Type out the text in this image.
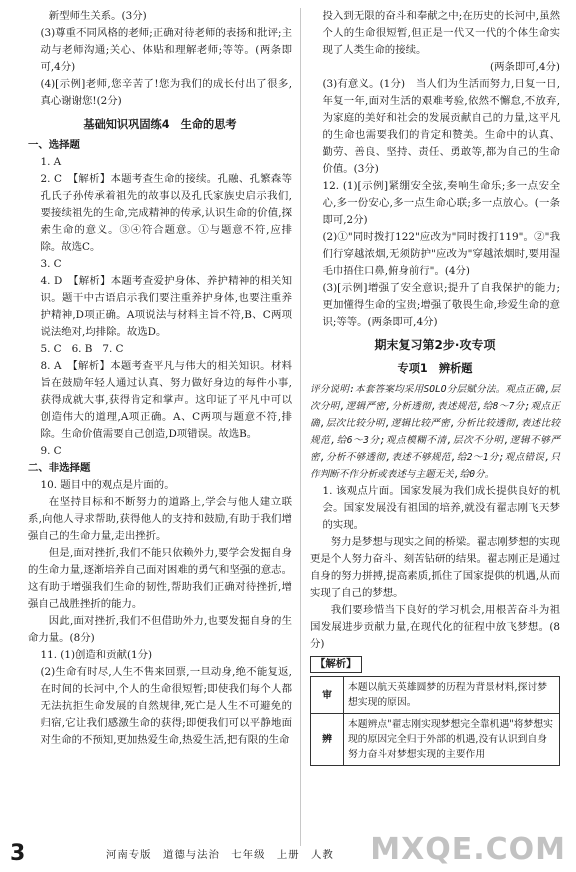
新型师生关系。(3分)

(3)尊重不同风格的老师;正确对待老师的表扬和批评;主动与老师沟通;关心、体贴和理解老师;等等。(两条即可,4分)

(4)[示例]老师,您辛苦了!您为我们的成长付出了很多,真心谢谢您!(2分)

基础知识巩固练4　生命的思考

一、选择题

1. A

2. C　【解析】本题考查生命的接续。孔融、孔繁森等孔氏子孙传承着祖先的故事以及孔氏家族史启示我们,要接续祖先的生命,完成精神的传承,认识生命的价值,探索生命的意义。③④符合题意。①与题意不符,应排除。故选C。

3. C

4. D　【解析】本题考查爱护身体、养护精神的相关知识。题干中古语启示我们要注重养护身体,也要注重养护精神,D项正确。A项说法与材料主旨不符,B、C两项说法绝对,均排除。故选D。

5. C 6. B 7. C

8. A　【解析】本题考查平凡与伟大的相关知识。材料旨在鼓励年轻人通过认真、努力做好身边的每件小事,获得成就大事,获得肯定和掌声。这印证了平凡中可以创造伟大的道理,A项正确。A、C两项与题意不符,排除。生命价值需要自己创造,D项错误。故选B。

9. C

二、非选择题

10. 题目中的观点是片面的。

在坚持目标和不断努力的道路上,学会与他人建立联系,向他人寻求帮助,获得他人的支持和鼓励,有助于我们增强自己的生命力量,走出挫折。

但是,面对挫折,我们不能只依赖外力,要学会发掘自身的生命力量,逐渐培养自己面对困难的勇气和坚强的意志。这有助于增强我们生命的韧性,帮助我们正确对待挫折,增强自己战胜挫折的能力。

因此,面对挫折,我们不但借助外力,也要发掘自身的生命力量。(8分)

11. (1)创造和贡献(1分)

(2)生命有时尽,人生不售来回票,一旦动身,绝不能复返,在时间的长河中,个人的生命很短暂;即使我们每个人都无法抗拒生命发展的自然规律,死亡是人生不可避免的归宿,它让我们感激生命的获得;即便我们可以平静地面对生命的不预知,更加热爱生命,热爱生活,把有限的生命

投入到无限的奋斗和奉献之中;在历史的长河中,虽然个人的生命很短暂,但正是一代又一代的个体生命实现了人类生命的接续。

(两条即可,4分)

(3)有意义。(1分)　当人们为生活而努力,日复一日,年复一年,面对生活的艰难考验,依然不懈怠,不放弃,为家庭的美好和社会的发展贡献自己的力量,这平凡的生命也需要我们的肯定和赞美。生命中的认真、勤劳、善良、坚持、责任、勇敢等,都为自己的生命价值。(3分)

12. (1)[示例]紧绷安全弦,奏响生命乐;多一点安全心,多一份安心,多一点生命心联;多一点放心。(一条即可,2分)

(2)①"同时拨打122"应改为"同时拨打119"。②"我们行穿越浓烟,无须防护"应改为"穿越浓烟时,要用湿毛巾捂住口鼻,俯身前行"。(4分)

(3)[示例]增强了安全意识;提升了自我保护的能力;更加懂得生命的宝贵;增强了敬畏生命,珍爱生命的意识;等等。(两条即可,4分)

期末复习第2步·攻专项
专项1　辨析题

评分说明:本套答案均采用SOLO分层赋分法。观点正确,层次分明,逻辑严密,分析透彻,表述规范,给8～7分;观点正确,层次比较分明,逻辑比较严密,分析比较透彻,表述比较规范,给6～3分;观点模糊不清,层次不分明,逻辑不够严密,分析不够透彻,表述不够规范,给2～1分;观点错误,只作判断不作分析或表述与主题无关,给0分。

1. 该观点片面。国家发展为我们成长提供良好的机会。国家发展没有祖国的培养,就没有翟志刚飞天梦的实现。

努力是梦想与现实之间的桥梁。翟志刚梦想的实现更是个人努力奋斗、刻苦钻研的结果。翟志刚正是通过自身的努力拼搏,提高素质,抓住了国家提供的机遇,从而实现了自己的梦想。

我们要珍惜当下良好的学习机会,用根苦奋斗为祖国发展进步贡献力量,在现代化的征程中放飞梦想。(8分)

【解析】
审	本题以航天英雄圆梦的历程为背景材料,探讨梦想实现的原因。
辨	本题辨点"翟志刚实现梦想完全靠机遇"将梦想实现的原因完全归于外部的机遇,没有认识到自身努力奋斗对梦想实现的主要作用
3	河南专版　道德与法治　七年级　上册　人教 MXQE.COM
